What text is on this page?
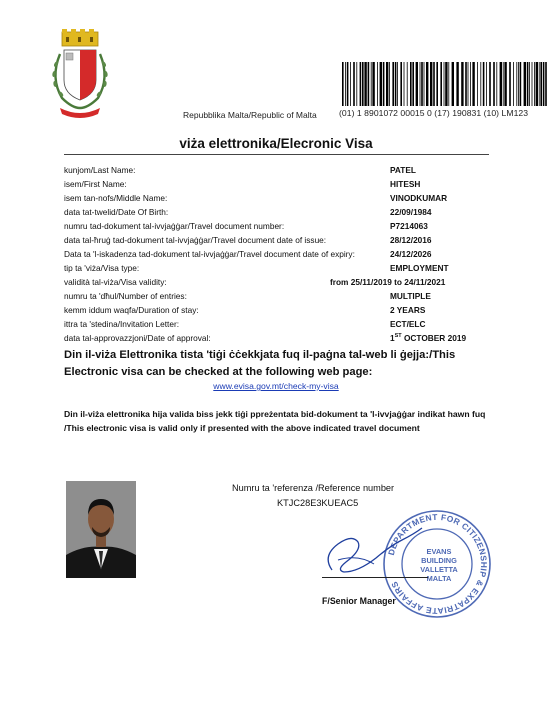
(01) 1 8901072 00015 0 (17) 190831 (10) LM123
Repubblika Malta/Republic of Malta
viża elettronika/Elecronic Visa
kunjom/Last Name:	PATEL
isem/First Name:	HITESH
isem tan-nofs/Middle Name:	VINODKUMAR
data tat-twelid/Date Of Birth:	22/09/1984
numru tad-dokument tal-ivvjaġġar/Travel document number:	P7214063
data tal-ħruġ tad-dokument tal-ivvjaġġar/Travel document date of issue:	28/12/2016
Data ta 'l-iskadenza tad-dokument tal-ivvjaġġar/Travel document date of expiry:	24/12/2026
tip ta 'viża/Visa type:	EMPLOYMENT
validità tal-viża/Visa validity:	from 25/11/2019 to 24/11/2021
numru ta 'dħul/Number of entries:	MULTIPLE
kemm iddum waqfa/Duration of stay:	2 YEARS
ittra ta 'stedina/Invitation Letter:	ECT/ELC
data tal-approvazzjoni/Date of approval:	1ST OCTOBER 2019
Din il-viża Elettronika tista 'tiġi ċċekkjata fuq il-paġna tal-web li ġejja:/This Electronic visa can be checked at the following web page:
www.evisa.gov.mt/check-my-visa
Din il-viża elettronika hija valida biss jekk tiġi ppreżentata bid-dokument ta 'l-ivvjaġġar indikat hawn fuq /This electronic visa is valid only if presented with the above indicated travel document
Numru ta 'referenza /Reference number
KTJC28E3KUEAC5
DEPARTMENT FOR CITIZENSHIP & EXPATRIATE AFFAIRS
EVANS
BUILDING
VALLETTA
MALTA
F/Senior Manager
